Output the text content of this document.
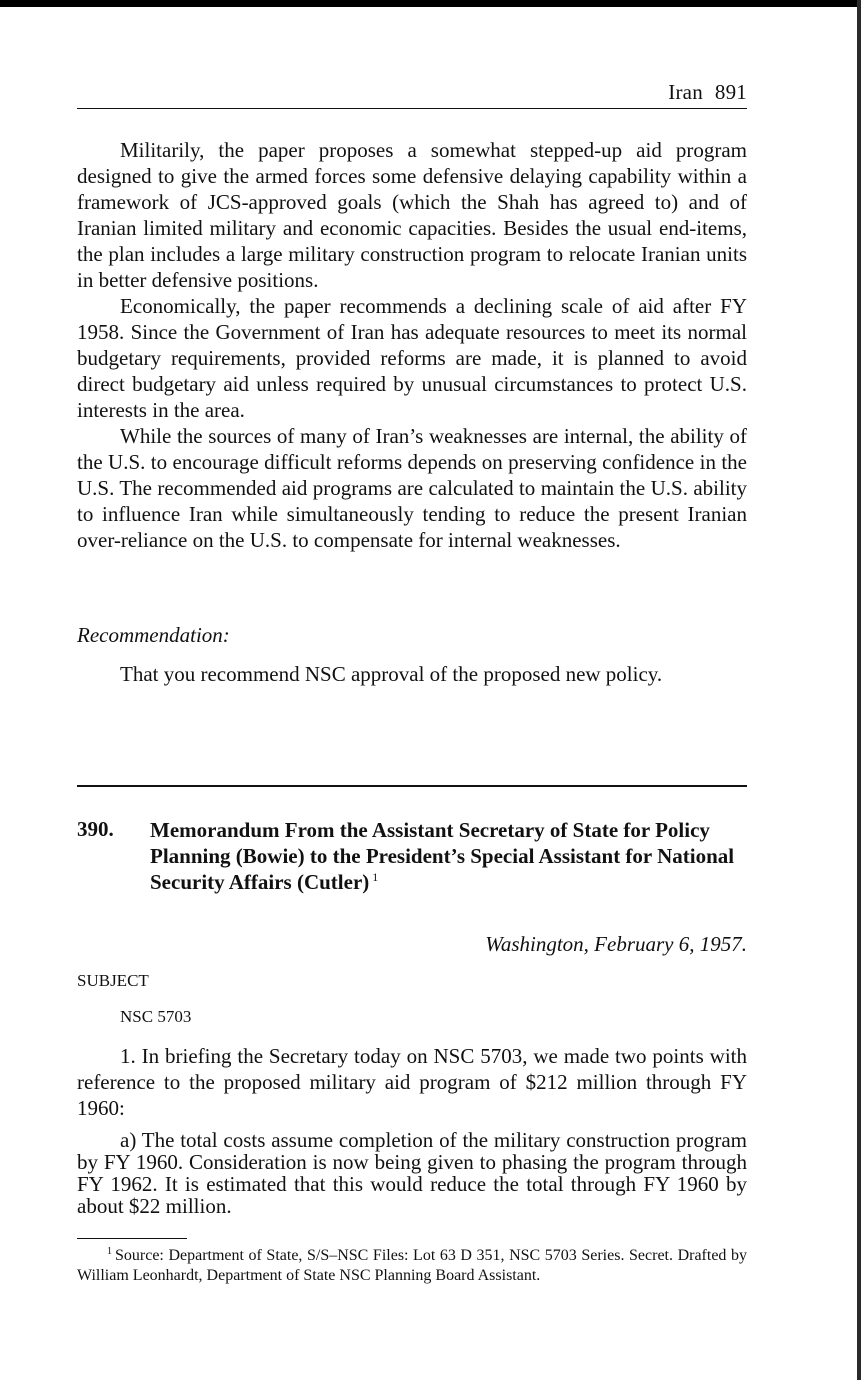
Iran 891

Militarily, the paper proposes a somewhat stepped-up aid program designed to give the armed forces some defensive delaying capability within a framework of JCS-approved goals (which the Shah has agreed to) and of Iranian limited military and economic capacities. Besides the usual end-items, the plan includes a large military construction program to relocate Iranian units in better defensive positions.

Economically, the paper recommends a declining scale of aid after FY 1958. Since the Government of Iran has adequate resources to meet its normal budgetary requirements, provided reforms are made, it is planned to avoid direct budgetary aid unless required by unusual circumstances to protect U.S. interests in the area.

While the sources of many of Iran’s weaknesses are internal, the ability of the U.S. to encourage difficult reforms depends on preserving confidence in the U.S. The recommended aid programs are calculated to maintain the U.S. ability to influence Iran while simultaneously tending to reduce the present Iranian over-reliance on the U.S. to compensate for internal weaknesses.

Recommendation:
That you recommend NSC approval of the proposed new policy.
390. Memorandum From the Assistant Secretary of State for Policy Planning (Bowie) to the President’s Special Assistant for National Security Affairs (Cutler) $^1$
Washington, February 6, 1957.
SUBJECT
NSC 5703

1. In briefing the Secretary today on NSC 5703, we made two points with reference to the proposed military aid program of $212 million through FY 1960:

a) The total costs assume completion of the military construction program by FY 1960. Consideration is now being given to phasing the program through FY 1962. It is estimated that this would reduce the total through FY 1960 by about $22 million.

$^1$ Source: Department of State, S/S–NSC Files: Lot 63 D 351, NSC 5703 Series. Secret. Drafted by William Leonhardt, Department of State NSC Planning Board Assistant.
